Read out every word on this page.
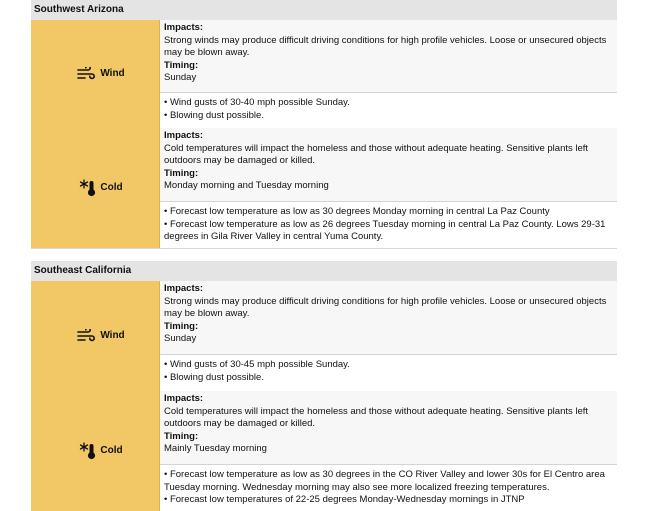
Southwest Arizona
Wind
Impacts:
Strong winds may produce difficult driving conditions for high profile vehicles. Loose or unsecured objects may be blown away.
Timing:
Sunday
• Wind gusts of 30-40 mph possible Sunday.
• Blowing dust possible.
Cold
Impacts:
Cold temperatures will impact the homeless and those without adequate heating. Sensitive plants left outdoors may be damaged or killed.
Timing:
Monday morning and Tuesday morning
• Forecast low temperature as low as 30 degrees Monday morning in central La Paz County
• Forecast low temperature as low as 26 degrees Tuesday morning in central La Paz County. Lows 29-31 degrees in Gila River Valley in central Yuma County.
Southeast California
Wind
Impacts:
Strong winds may produce difficult driving conditions for high profile vehicles. Loose or unsecured objects may be blown away.
Timing:
Sunday
• Wind gusts of 30-45 mph possible Sunday.
• Blowing dust possible.
Cold
Impacts:
Cold temperatures will impact the homeless and those without adequate heating. Sensitive plants left outdoors may be damaged or killed.
Timing:
Mainly Tuesday morning
• Forecast low temperature as low as 30 degrees in the CO River Valley and lower 30s for El Centro area Tuesday morning. Wednesday morning may also see more localized freezing temperatures.
• Forecast low temperatures of 22-25 degrees Monday-Wednesday mornings in JTNP
